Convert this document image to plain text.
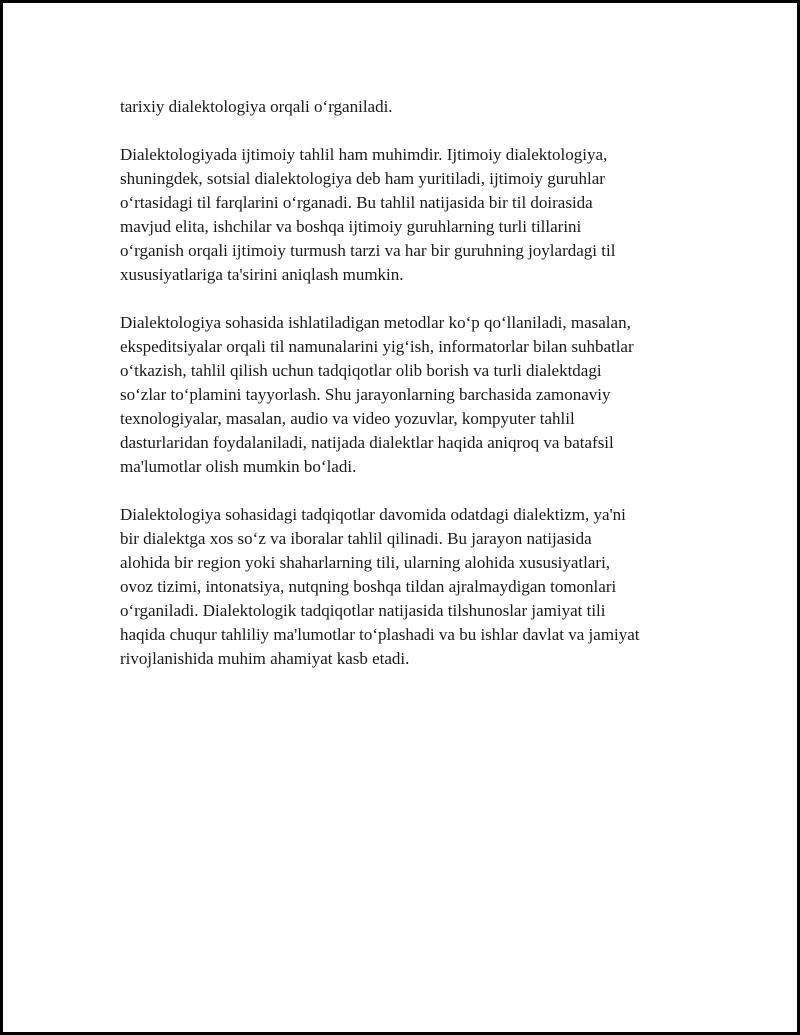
tarixiy dialektologiya orqali o‘rganiladi.

Dialektologiyada ijtimoiy tahlil ham muhimdir. Ijtimoiy dialektologiya,
shuningdek, sotsial dialektologiya deb ham yuritiladi, ijtimoiy guruhlar
o‘rtasidagi til farqlarini o‘rganadi. Bu tahlil natijasida bir til doirasida
mavjud elita, ishchilar va boshqa ijtimoiy guruhlarning turli tillarini
o‘rganish orqali ijtimoiy turmush tarzi va har bir guruhning joylardagi til
xususiyatlariga ta'sirini aniqlash mumkin.

Dialektologiya sohasida ishlatiladigan metodlar ko‘p qo‘llaniladi, masalan,
ekspeditsiyalar orqali til namunalarini yig‘ish, informatorlar bilan suhbatlar
o‘tkazish, tahlil qilish uchun tadqiqotlar olib borish va turli dialektdagi
so‘zlar to‘plamini tayyorlash. Shu jarayonlarning barchasida zamonaviy
texnologiyalar, masalan, audio va video yozuvlar, kompyuter tahlil
dasturlaridan foydalaniladi, natijada dialektlar haqida aniqroq va batafsil
ma'lumotlar olish mumkin bo‘ladi.

Dialektologiya sohasidagi tadqiqotlar davomida odatdagi dialektizm, ya'ni
bir dialektga xos so‘z va iboralar tahlil qilinadi. Bu jarayon natijasida
alohida bir region yoki shaharlarning tili, ularning alohida xususiyatlari,
ovoz tizimi, intonatsiya, nutqning boshqa tildan ajralmaydigan tomonlari
o‘rganiladi. Dialektologik tadqiqotlar natijasida tilshunoslar jamiyat tili
haqida chuqur tahliliy ma'lumotlar to‘plashadi va bu ishlar davlat va jamiyat
rivojlanishida muhim ahamiyat kasb etadi.
